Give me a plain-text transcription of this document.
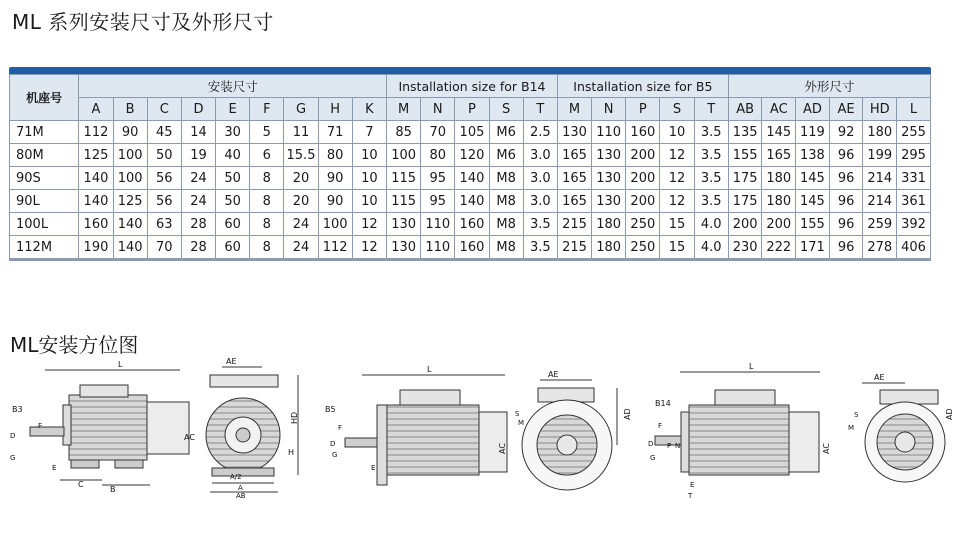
ML 系列安装尺寸及外形尺寸
机座号	安装尺寸									Installation size for B14					Installation size for B5					外形尺寸					
	A	B	C	D	E	F	G	H	K	M	N	P	S	T	M	N	P	S	T	AB	AC	AD	AE	HD	L
71M	112	90	45	14	30	5	11	71	7	85	70	105	M6	2.5	130	110	160	10	3.5	135	145	119	92	180	255
80M	125	100	50	19	40	6	15.5	80	10	100	80	120	M6	3.0	165	130	200	12	3.5	155	165	138	96	199	295
90S	140	100	56	24	50	8	20	90	10	115	95	140	M8	3.0	165	130	200	12	3.5	175	180	145	96	214	331
90L	140	125	56	24	50	8	20	90	10	115	95	140	M8	3.0	165	130	200	12	3.5	175	180	145	96	214	361
100L	160	140	63	28	60	8	24	100	12	130	110	160	M8	3.5	215	180	250	15	4.0	200	200	155	96	259	392
112M	190	140	70	28	60	8	24	112	12	130	110	160	M8	3.5	215	180	250	15	4.0	230	222	171	96	278	406
ML安装方位图
B3
L
AC
C
B
D
G
F
E
AE
HD
H
A/2
A
AB
B5
L
AC
D
F
G
E
AE
AD
S
M
B14
L
AC
D
F
G
P N
E
T
AE
AD
S
M
